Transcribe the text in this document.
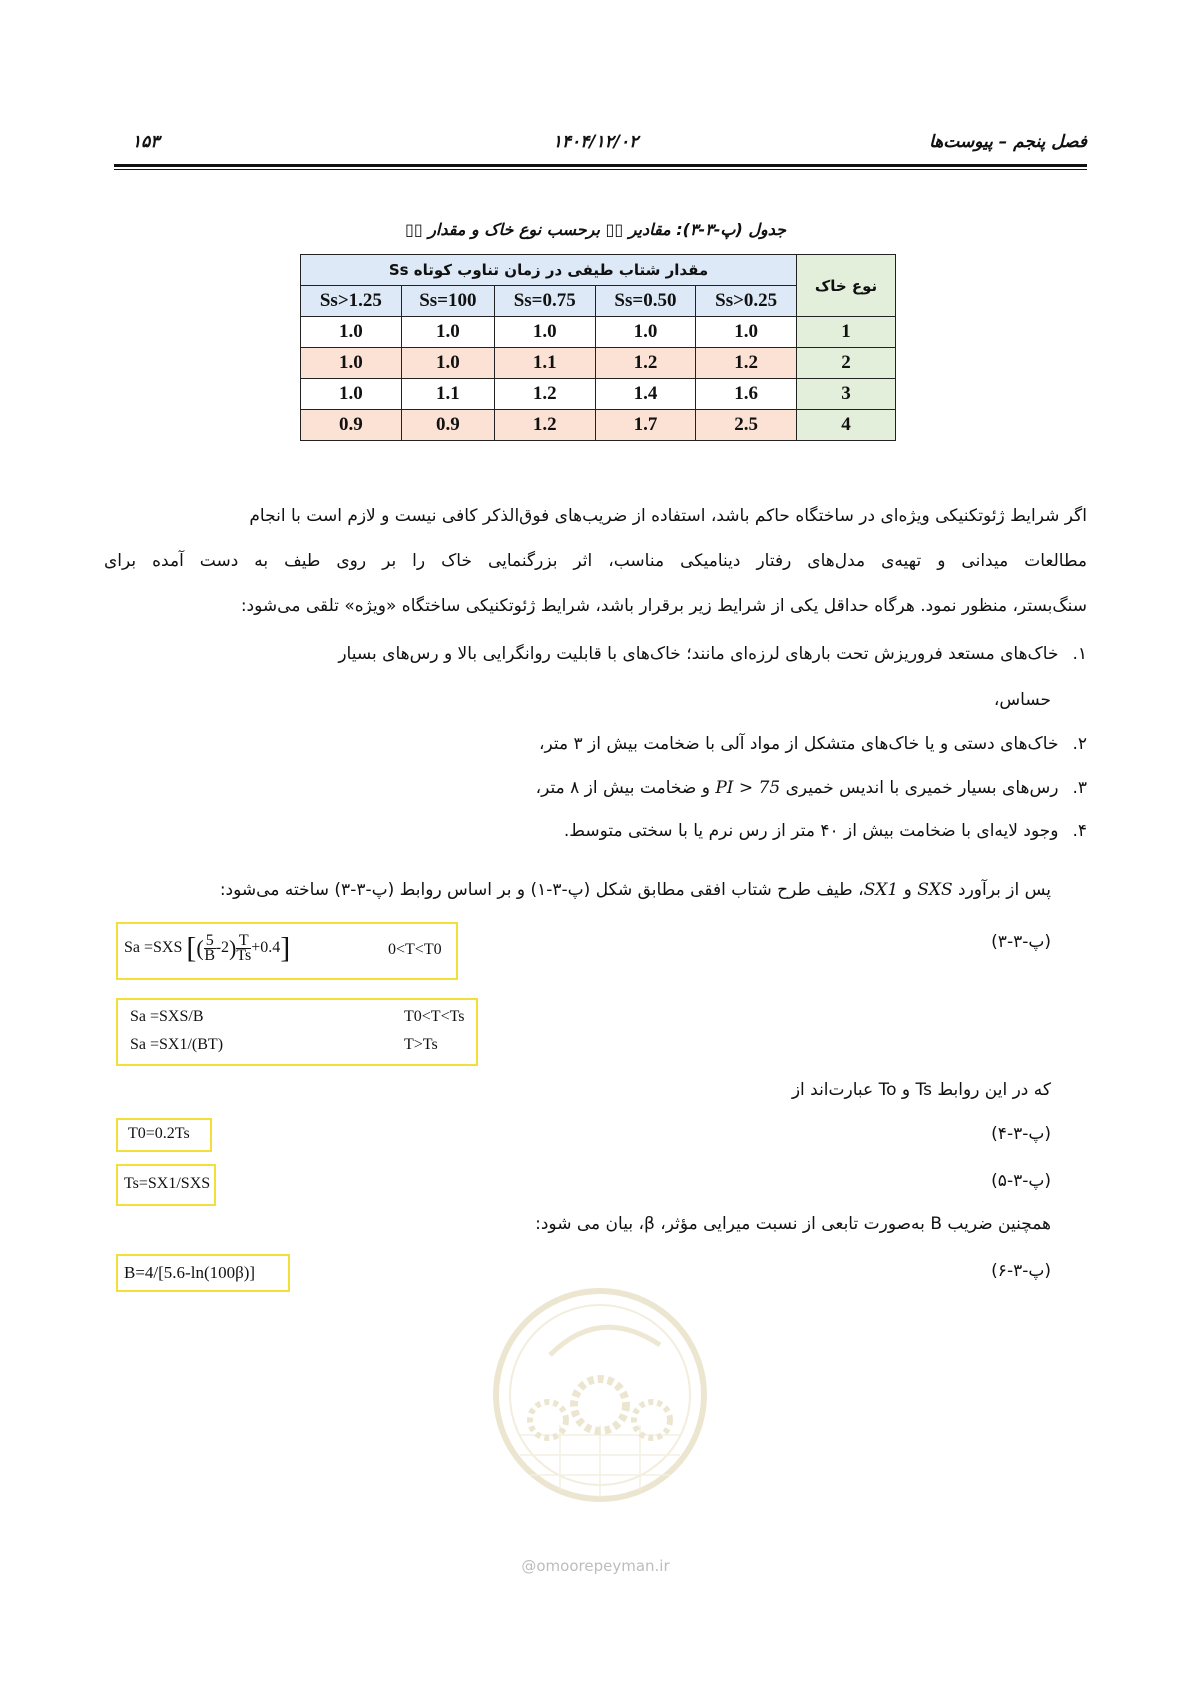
فصل پنجم – پیوست‌ها
۱۴۰۴/۱۲/۰۲
۱۵۳
جدول (پ-۳-۳): مقادیر ▯▯ برحسب نوع خاک و مقدار ▯▯
نوع خاک	مقدار شتاب طیفی در زمان تناوب کوتاه Ss				
	Ss>0.25	Ss=0.50	Ss=0.75	Ss=100	Ss>1.25
1	1.0	1.0	1.0	1.0	1.0
2	1.2	1.2	1.1	1.0	1.0
3	1.6	1.4	1.2	1.1	1.0
4	2.5	1.7	1.2	0.9	0.9
اگر شرایط ژئوتکنیکی ویژه‌ای در ساختگاه حاکم باشد، استفاده از ضریب‌های فوق‌الذکر کافی نیست و لازم است با انجام
مطالعات میدانی و تهیه‌ی مدل‌های رفتار دینامیکی مناسب، اثر بزرگنمایی خاک را بر روی طیف به دست آمده برای
سنگ‌بستر، منظور نمود. هرگاه حداقل یکی از شرایط زیر برقرار باشد، شرایط ژئوتکنیکی ساختگاه «ویژه» تلقی می‌شود:
۱.خاک‌های مستعد فروریزش تحت بارهای لرزه‌ای مانند؛ خاک‌های با قابلیت روانگرایی بالا و رس‌های بسیار
حساس،
۲.خاک‌های دستی و یا خاک‌های متشکل از مواد آلی با ضخامت بیش از ۳ متر،
۳.رس‌های بسیار خمیری با اندیس خمیری PI > 75 و ضخامت بیش از ۸ متر،
۴.وجود لایه‌ای با ضخامت بیش از ۴۰ متر از رس نرم یا با سختی متوسط.
پس از برآورد SXS و SX1، طیف طرح شتاب افقی مطابق شکل (پ-۳-۱) و بر اساس روابط (پ-۳-۳) ساخته می‌شود:
(پ-۳-۳)
Sa =SXS [( $\frac{5}{B} -2) \frac{T}{Ts} +0.4$]	0<T<T0
Sa =SXS/B	T0<T<Ts
Sa =SX1/(BT)	T>Ts
که در این روابط Ts و To عبارت‌اند از
(پ-۳-۴)
T0=0.2Ts
(پ-۳-۵)
Ts=SX1/SXS
همچنین ضریب B به‌صورت تابعی از نسبت میرایی مؤثر، β، بیان می شود:
(پ-۳-۶)
B=4/[5.6-ln(100β)]
@omoorepeyman.ir
